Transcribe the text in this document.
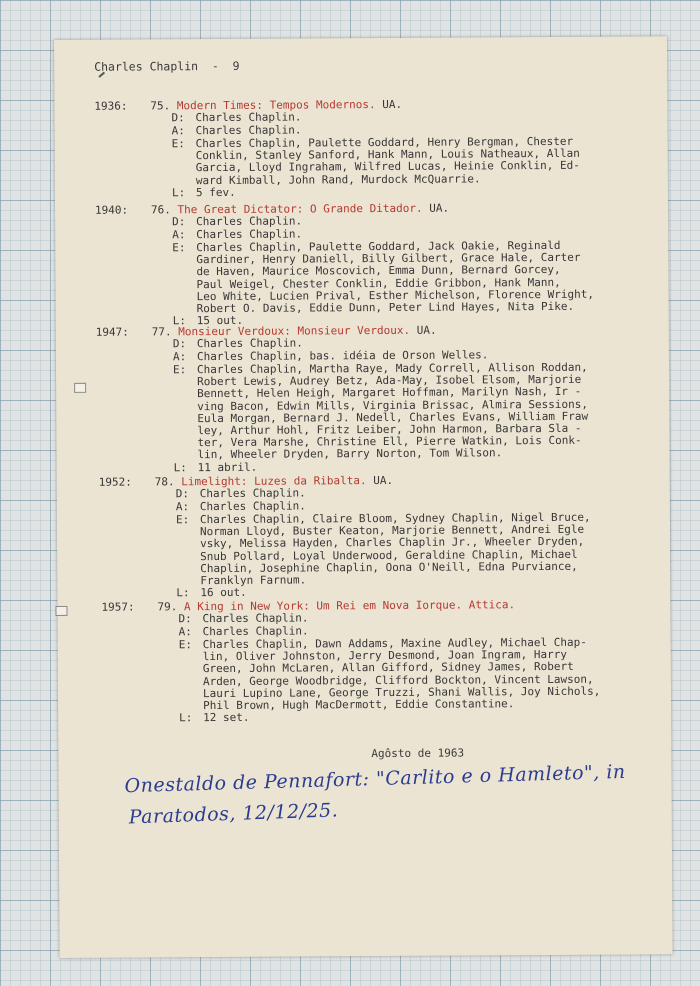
Charles Chaplin  -  9
1936:	75. Modern Times: Tempos Modernos. UA.
D: Charles Chaplin.
A: Charles Chaplin.
E: Charles Chaplin, Paulette Goddard, Henry Bergman, Chester
Conklin, Stanley Sanford, Hank Mann, Louis Natheaux, Allan
Garcia, Lloyd Ingraham, Wilfred Lucas, Heinie Conklin, Ed-
ward Kimball, John Rand, Murdock McQuarrie.
L: 5 fev.
1940:	76. The Great Dictator: O Grande Ditador. UA.
D: Charles Chaplin.
A: Charles Chaplin.
E: Charles Chaplin, Paulette Goddard, Jack Oakie, Reginald
Gardiner, Henry Daniell, Billy Gilbert, Grace Hale, Carter
de Haven, Maurice Moscovich, Emma Dunn, Bernard Gorcey,
Paul Weigel, Chester Conklin, Eddie Gribbon, Hank Mann,
Leo White, Lucien Prival, Esther Michelson, Florence Wright,
Robert O. Davis, Eddie Dunn, Peter Lind Hayes, Nita Pike.
L: 15 out.
1947:	77. Monsieur Verdoux: Monsieur Verdoux. UA.
D: Charles Chaplin.
A: Charles Chaplin, bas. idéia de Orson Welles.
E: Charles Chaplin, Martha Raye, Mady Correll, Allison Roddan,
Robert Lewis, Audrey Betz, Ada-May, Isobel Elsom, Marjorie
Bennett, Helen Heigh, Margaret Hoffman, Marilyn Nash, Ir -
ving Bacon, Edwin Mills, Virginia Brissac, Almira Sessions,
Eula Morgan, Bernard J. Nedell, Charles Evans, William Fraw
ley, Arthur Hohl, Fritz Leiber, John Harmon, Barbara Sla -
ter, Vera Marshe, Christine Ell, Pierre Watkin, Lois Conk-
lin, Wheeler Dryden, Barry Norton, Tom Wilson.
L: 11 abril.
1952:	78. Limelight: Luzes da Ribalta. UA.
D: Charles Chaplin.
A: Charles Chaplin.
E: Charles Chaplin, Claire Bloom, Sydney Chaplin, Nigel Bruce,
Norman Lloyd, Buster Keaton, Marjorie Bennett, Andrei Egle
vsky, Melissa Hayden, Charles Chaplin Jr., Wheeler Dryden,
Snub Pollard, Loyal Underwood, Geraldine Chaplin, Michael
Chaplin, Josephine Chaplin, Oona O'Neill, Edna Purviance,
Franklyn Farnum.
L: 16 out.
1957:	79. A King in New York: Um Rei em Nova Iorque. Attica.
D: Charles Chaplin.
A: Charles Chaplin.
E: Charles Chaplin, Dawn Addams, Maxine Audley, Michael Chap-
lin, Oliver Johnston, Jerry Desmond, Joan Ingram, Harry
Green, John McLaren, Allan Gifford, Sidney James, Robert
Arden, George Woodbridge, Clifford Bockton, Vincent Lawson,
Lauri Lupino Lane, George Truzzi, Shani Wallis, Joy Nichols,
Phil Brown, Hugh MacDermott, Eddie Constantine.
L: 12 set.
Agôsto de 1963
Onestaldo de Pennafort: "Carlito e o Hamleto", in
Paratodos, 12/12/25.
